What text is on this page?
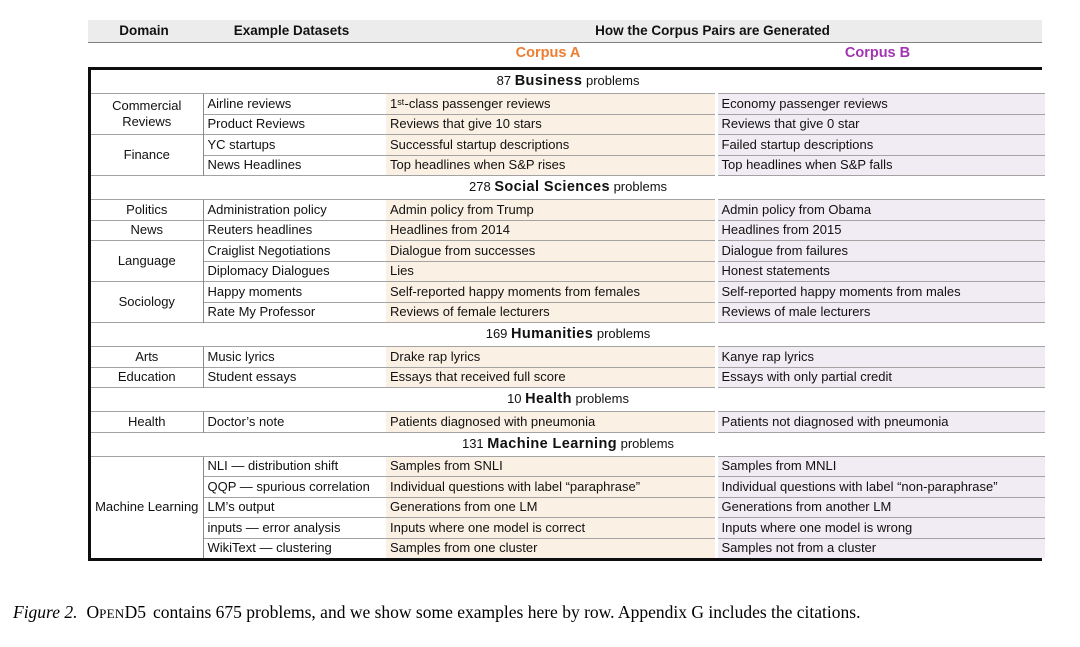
Domain	Example Datasets	How the Corpus Pairs are Generated	
		Corpus A	Corpus B
87 Business problems			
Commercial Reviews	Airline reviews	1ˢᵗ-class passenger reviews	Economy passenger reviews
	Product Reviews	Reviews that give 10 stars	Reviews that give 0 star
Finance	YC startups	Successful startup descriptions	Failed startup descriptions
	News Headlines	Top headlines when S&P rises	Top headlines when S&P falls
278 Social Sciences problems			
Politics	Administration policy	Admin policy from Trump	Admin policy from Obama
News	Reuters headlines	Headlines from 2014	Headlines from 2015
Language	Craiglist Negotiations	Dialogue from successes	Dialogue from failures
	Diplomacy Dialogues	Lies	Honest statements
Sociology	Happy moments	Self-reported happy moments from females	Self-reported happy moments from males
	Rate My Professor	Reviews of female lecturers	Reviews of male lecturers
169 Humanities problems			
Arts	Music lyrics	Drake rap lyrics	Kanye rap lyrics
Education	Student essays	Essays that received full score	Essays with only partial credit
10 Health problems			
Health	Doctor’s note	Patients diagnosed with pneumonia	Patients not diagnosed with pneumonia
131 Machine Learning problems			
Machine Learning	NLI — distribution shift	Samples from SNLI	Samples from MNLI
	QQP — spurious correlation	Individual questions with label “paraphrase”	Individual questions with label “non-paraphrase”
	LM’s output	Generations from one LM	Generations from another LM
	inputs — error analysis	Inputs where one model is correct	Inputs where one model is wrong
	WikiText — clustering	Samples from one cluster	Samples not from a cluster
Figure 2. OPEND5 contains 675 problems, and we show some examples here by row. Appendix G includes the citations.
